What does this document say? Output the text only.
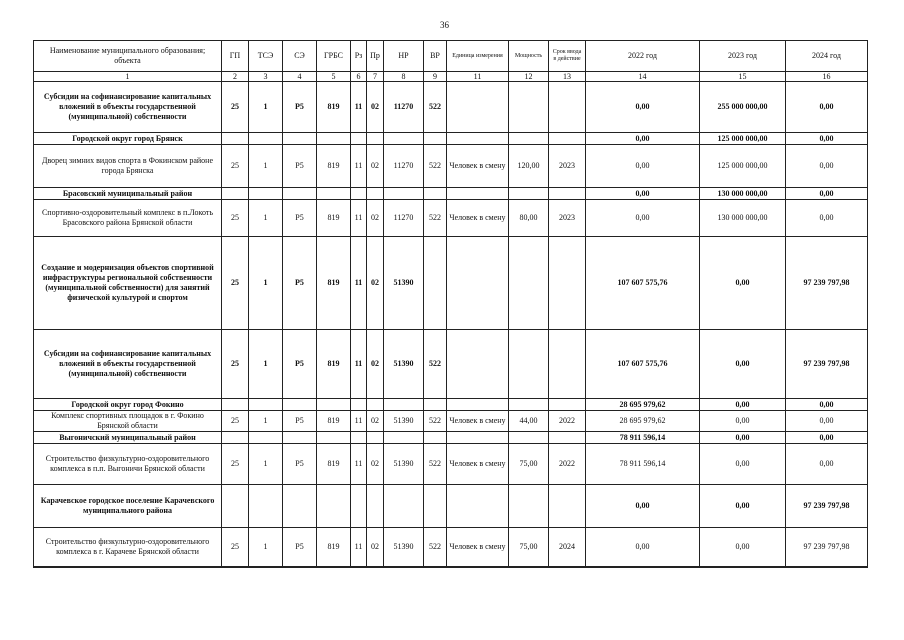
36
Наименование муниципального образования; объекта	ГП	ТСЭ	СЭ	ГРБС	Рз	Пр	НР	ВР	Единица измерения	Мощность	Срок ввода в действие	2022 год	2023 год	2024 год
1	2	3	4	5	6	7	8	9	11	12	13	14	15	16
Субсидии на софинансирование капитальных вложений в объекты государственной (муниципальной) собственности	25	1	Р5	819	11	02	11270	522				0,00	255 000 000,00	0,00
Городской округ город Брянск												0,00	125 000 000,00	0,00
Дворец зимних видов спорта в Фокинском районе города Брянска	25	1	Р5	819	11	02	11270	522	Человек в смену	120,00	2023	0,00	125 000 000,00	0,00
Брасовский муниципальный район												0,00	130 000 000,00	0,00
Спортивно-оздоровительный комплекс в п.Локоть Брасовского района Брянской области	25	1	Р5	819	11	02	11270	522	Человек в смену	80,00	2023	0,00	130 000 000,00	0,00
Создание и модернизация объектов спортивной инфраструктуры региональной собственности (муниципальной собственности) для занятий физической культурой и спортом	25	1	Р5	819	11	02	51390					107 607 575,76	0,00	97 239 797,98
Субсидии на софинансирование капитальных вложений в объекты государственной (муниципальной) собственности	25	1	Р5	819	11	02	51390	522				107 607 575,76	0,00	97 239 797,98
Городской округ город Фокино												28 695 979,62	0,00	0,00
Комплекс спортивных площадок в г. Фокино Брянской области	25	1	Р5	819	11	02	51390	522	Человек в смену	44,00	2022	28 695 979,62	0,00	0,00
Выгоничский муниципальный район												78 911 596,14	0,00	0,00
Строительство физкультурно-оздоровительного комплекса в п.п. Выгоничи Брянской области	25	1	Р5	819	11	02	51390	522	Человек в смену	75,00	2022	78 911 596,14	0,00	0,00
Карачевское городское поселение Карачевского муниципального района												0,00	0,00	97 239 797,98
Строительство физкультурно-оздоровительного комплекса в г. Карачеве Брянской области	25	1	Р5	819	11	02	51390	522	Человек в смену	75,00	2024	0,00	0,00	97 239 797,98
